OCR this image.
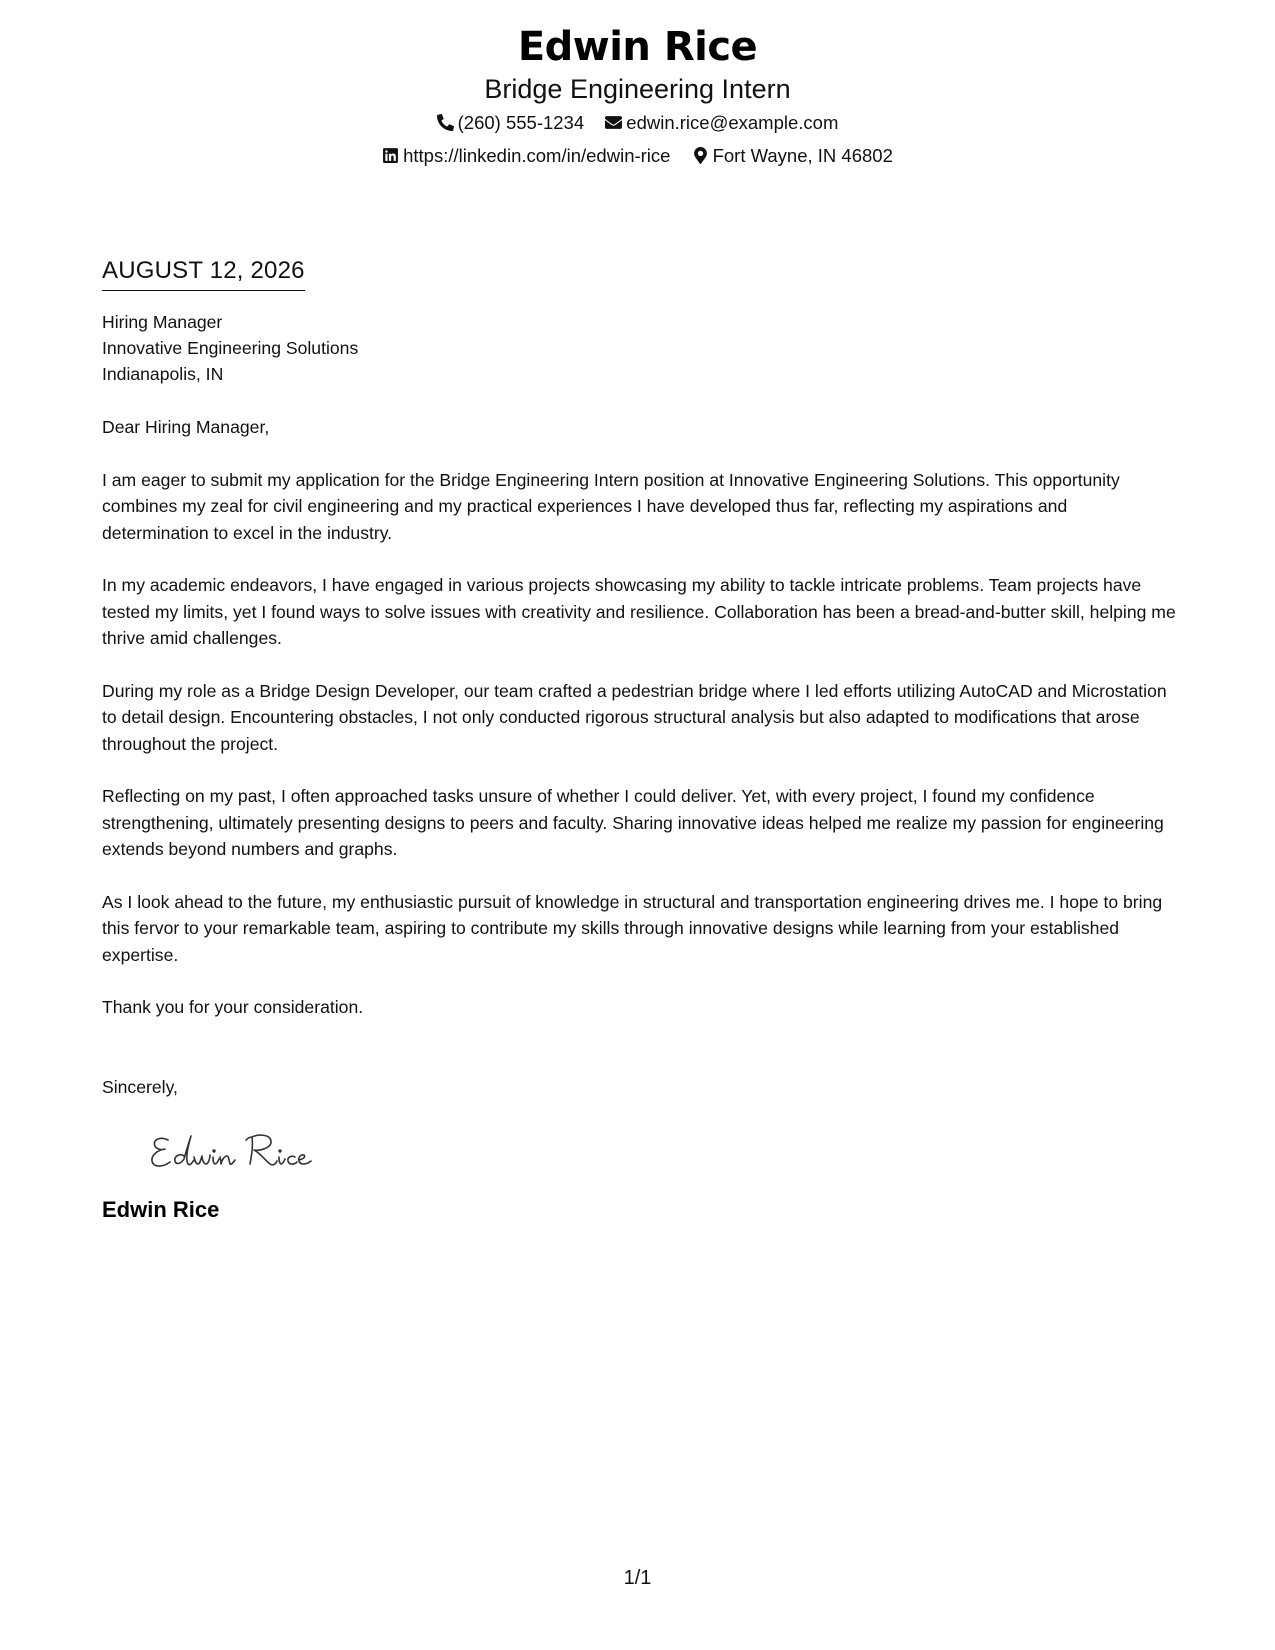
Edwin Rice
Bridge Engineering Intern
(260) 555-1234 edwin.rice@example.com
https://linkedin.com/in/edwin-rice Fort Wayne, IN 46802
AUGUST 12, 2026
Hiring Manager
Innovative Engineering Solutions
Indianapolis, IN
Dear Hiring Manager,

I am eager to submit my application for the Bridge Engineering Intern position at Innovative Engineering Solutions. This opportunity combines my zeal for civil engineering and my practical experiences I have developed thus far, reflecting my aspirations and determination to excel in the industry.

In my academic endeavors, I have engaged in various projects showcasing my ability to tackle intricate problems. Team projects have tested my limits, yet I found ways to solve issues with creativity and resilience. Collaboration has been a bread-and-butter skill, helping me thrive amid challenges.

During my role as a Bridge Design Developer, our team crafted a pedestrian bridge where I led efforts utilizing AutoCAD and Microstation to detail design. Encountering obstacles, I not only conducted rigorous structural analysis but also adapted to modifications that arose throughout the project.

Reflecting on my past, I often approached tasks unsure of whether I could deliver. Yet, with every project, I found my confidence strengthening, ultimately presenting designs to peers and faculty. Sharing innovative ideas helped me realize my passion for engineering extends beyond numbers and graphs.

As I look ahead to the future, my enthusiastic pursuit of knowledge in structural and transportation engineering drives me. I hope to bring this fervor to your remarkable team, aspiring to contribute my skills through innovative designs while learning from your established expertise.

Thank you for your consideration.

Sincerely,
Edwin Rice
1/1
